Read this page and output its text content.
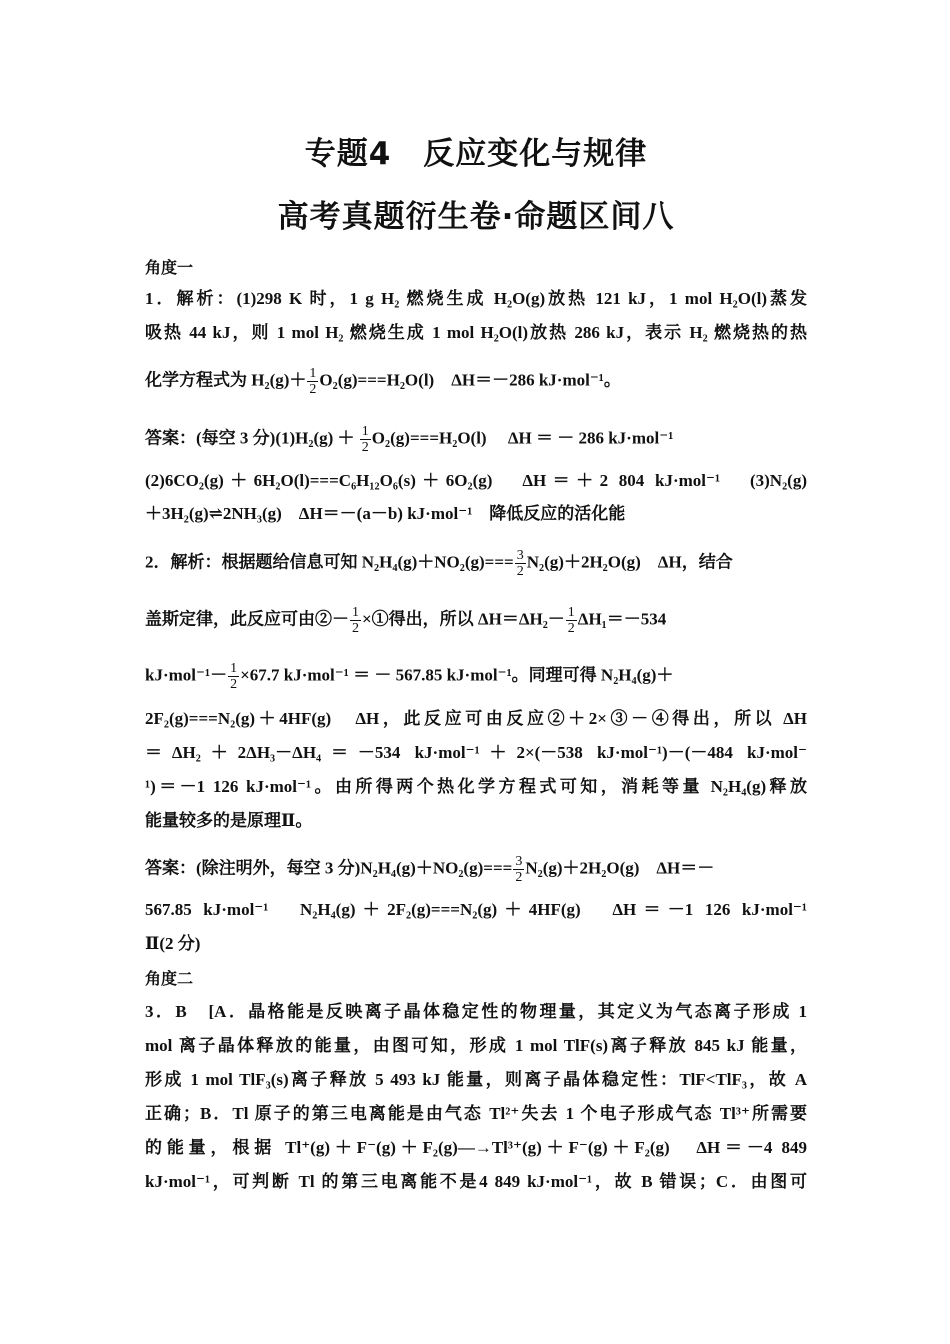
专题4　反应变化与规律
高考真题衍生卷·命题区间八
角度一
1．解析：(1)298 K 时，1 g H₂ 燃烧生成 H₂O(g)放热 121 kJ，1 mol H₂O(l)蒸发
吸热 44 kJ，则 1 mol H₂ 燃烧生成 1 mol H₂O(l)放热 286 kJ，表示 H₂ 燃烧热的热
化学方程式为 $H_2(g)+ \frac{1}{2} O_2(g)===H_2O(l)$　ΔH＝－286 kJ·mol⁻¹。
答案：(每空 3 分)$(1)H_2(g) + \frac{1}{2} O_2(g)===H_2O(l)$　 ΔH ＝ － 286 kJ·mol⁻¹
(2)6CO₂(g)＋6H₂O(l)===C₆H₁₂O₆(s)＋6O₂(g)　ΔH＝＋2 804 kJ·mol⁻¹　(3)N₂(g)
＋3H₂(g)⇌2NH₃(g)　ΔH＝－(a－b) kJ·mol⁻¹　降低反应的活化能
2．解析：根据题给信息可知 $N_2H_4(g)+NO_2(g)=== \frac{3}{2} N_2(g)+2H_2O(g)$　ΔH，结合
盖斯定律，此反应可由②－ $\frac{1}{2}$ ×①得出，所以 $\Delta H=\Delta H_2- \frac{1}{2} \Delta H_1=-534$
$kJ\cdot mol^{-1}- \frac{1}{2} \times 67.7$ kJ·mol⁻¹ ＝ － 567.85 kJ·mol⁻¹。同理可得 N₂H₄(g)＋
2F₂(g)===N₂(g)＋4HF(g)　ΔH，此反应可由反应②＋2×③－④得出，所以 ΔH
＝ΔH₂＋2ΔH₃－ΔH₄＝－534 kJ·mol⁻¹＋2×(－538 kJ·mol⁻¹)－(－484 kJ·mol⁻
¹)＝－1 126 kJ·mol⁻¹。由所得两个热化学方程式可知，消耗等量 N₂H₄(g)释放
能量较多的是原理Ⅱ。
答案：(除注明外，每空 3 分)$N_2H_4(g)+NO_2(g)=== \frac{3}{2} N_2(g)+2H_2O(g)$　ΔH＝－
567.85 kJ·mol⁻¹　N₂H₄(g)＋2F₂(g)===N₂(g)＋4HF(g)　ΔH＝－1 126 kJ·mol⁻¹
Ⅱ(2 分)
角度二
3．B　[A．晶格能是反映离子晶体稳定性的物理量，其定义为气态离子形成 1
mol 离子晶体释放的能量，由图可知，形成 1 mol TlF(s)离子释放 845 kJ 能量，
形成 1 mol TlF₃(s)离子释放 5 493 kJ 能量，则离子晶体稳定性：TlF<TlF₃，故 A
正确；B．Tl 原子的第三电离能是由气态 Tl²⁺失去 1 个电子形成气态 Tl³⁺所需要
的能量，根据 Tl⁺(g)＋F⁻(g)＋F₂(g)―→Tl³⁺(g)＋F⁻(g)＋F₂(g)　ΔH＝－4 849
kJ·mol⁻¹，可判断 Tl 的第三电离能不是4 849 kJ·mol⁻¹，故 B 错误；C．由图可
